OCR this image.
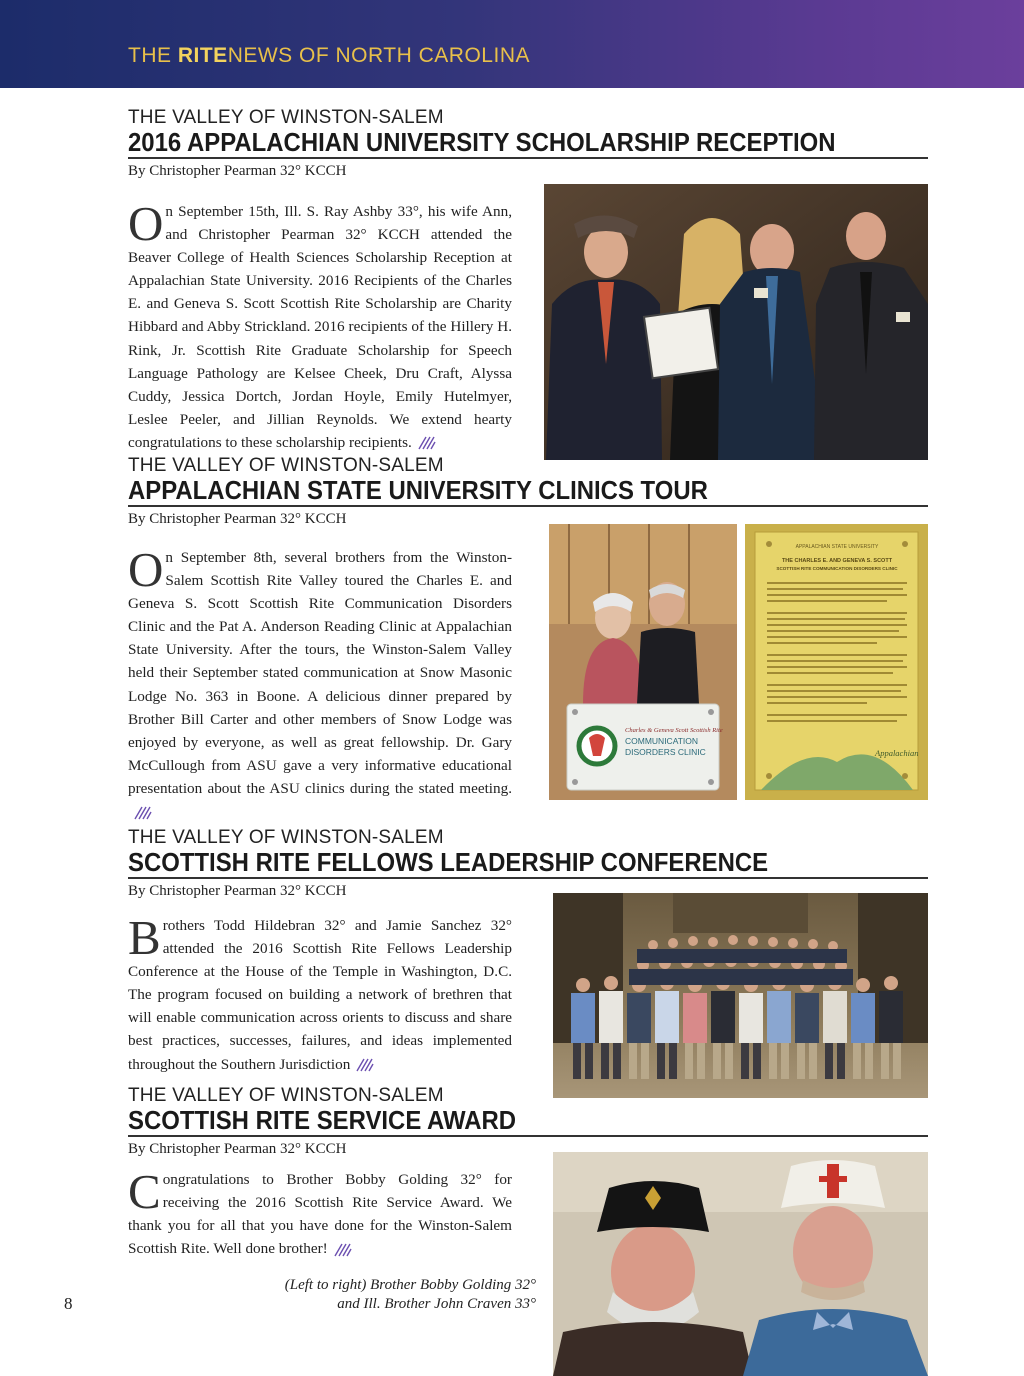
THE RITENEWS OF NORTH CAROLINA
THE VALLEY OF WINSTON-SALEM
2016 APPALACHIAN UNIVERSITY SCHOLARSHIP RECEPTION
By Christopher Pearman 32° KCCH
On September 15th, Ill. S. Ray Ashby 33°, his wife Ann, and Christopher Pearman 32° KCCH attended the Beaver College of Health Sciences Scholarship Reception at Appalachian State University. 2016 Recipients of the Charles E. and Geneva S. Scott Scottish Rite Scholarship are Charity Hibbard and Abby Strickland. 2016 recipients of the Hillery H. Rink, Jr. Scottish Rite Graduate Scholarship for Speech Language Pathology are Kelsee Cheek, Dru Craft, Alyssa Cuddy, Jessica Dortch, Jordan Hoyle, Emily Hutelmyer, Leslee Peeler, and Jillian Reynolds. We extend hearty congratulations to these scholarship recipients.
THE VALLEY OF WINSTON-SALEM
APPALACHIAN STATE UNIVERSITY CLINICS TOUR
By Christopher Pearman 32° KCCH
On September 8th, several brothers from the Winston-Salem Scottish Rite Valley toured the Charles E. and Geneva S. Scott Scottish Rite Communication Disorders Clinic and the Pat A. Anderson Reading Clinic at Appalachian State University. After the tours, the Winston-Salem Valley held their September stated communication at Snow Masonic Lodge No. 363 in Boone. A delicious dinner prepared by Brother Bill Carter and other members of Snow Lodge was enjoyed by everyone, as well as great fellowship. Dr. Gary McCullough from ASU gave a very informative educational presentation about the ASU clinics during the stated meeting.
Charles & Geneva Scott Scottish Rite
COMMUNICATION
DISORDERS CLINIC
APPALACHIAN STATE UNIVERSITY
THE CHARLES E. AND GENEVA S. SCOTT
SCOTTISH RITE COMMUNICATION DISORDERS CLINIC
Appalachian
THE VALLEY OF WINSTON-SALEM
SCOTTISH RITE FELLOWS LEADERSHIP CONFERENCE
By Christopher Pearman 32° KCCH
Brothers Todd Hildebran 32° and Jamie Sanchez 32° attended the 2016 Scottish Rite Fellows Leadership Conference at the House of the Temple in Washington, D.C. The program focused on building a network of brethren that will enable communication across orients to discuss and share best practices, successes, failures, and ideas implemented throughout the Southern Jurisdiction
THE VALLEY OF WINSTON-SALEM
SCOTTISH RITE SERVICE AWARD
By Christopher Pearman 32° KCCH
Congratulations to Brother Bobby Golding 32° for receiving the 2016 Scottish Rite Service Award. We thank you for all that you have done for the Winston-Salem Scottish Rite. Well done brother!
(Left to right) Brother Bobby Golding 32°
and Ill. Brother John Craven 33°
8
